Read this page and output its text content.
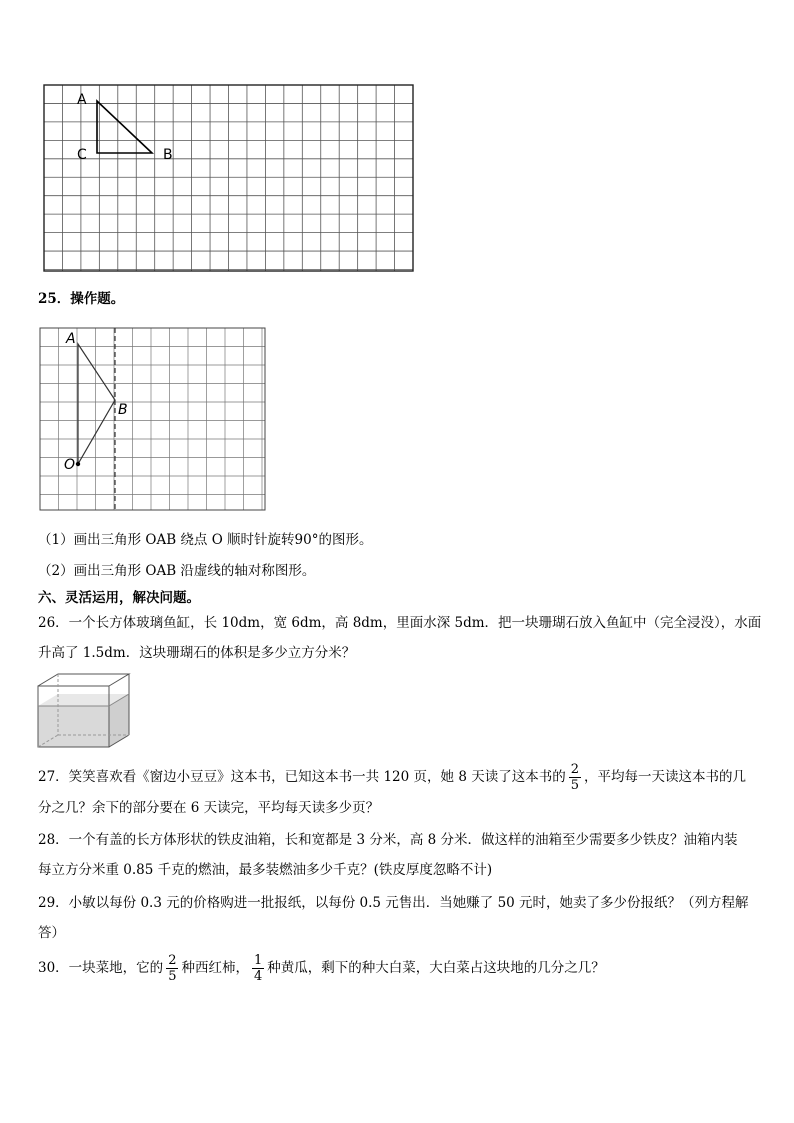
A
C	B
25．操作题。
A
B
O
（1）画出三角形 OAB 绕点 O 顺时针旋转90°的图形。
（2）画出三角形 OAB 沿虚线的轴对称图形。
六、灵活运用，解决问题。
26．一个长方体玻璃鱼缸，长 10dm，宽 6dm，高 8dm，里面水深 5dm．把一块珊瑚石放入鱼缸中（完全浸没），水面
升高了 1.5dm．这块珊瑚石的体积是多少立方分米？
27．笑笑喜欢看《窗边小豆豆》这本书，已知这本书一共 120 页，她 8 天读了这本书的 $\frac{2}{5}$ ，平均每一天读这本书的几
分之几？余下的部分要在 6 天读完，平均每天读多少页？
28．一个有盖的长方体形状的铁皮油箱，长和宽都是 3 分米，高 8 分米．做这样的油箱至少需要多少铁皮？油箱内装
每立方分米重 0.85 千克的燃油，最多装燃油多少千克？(铁皮厚度忽略不计)
29．小敏以每份 0.3 元的价格购进一批报纸，以每份 0.5 元售出．当她赚了 50 元时，她卖了多少份报纸？（列方程解
答）
30．一块菜地，它的 $\frac{2}{5}$ 种西红柿， $\frac{1}{4}$ 种黄瓜，剩下的种大白菜，大白菜占这块地的几分之几？
